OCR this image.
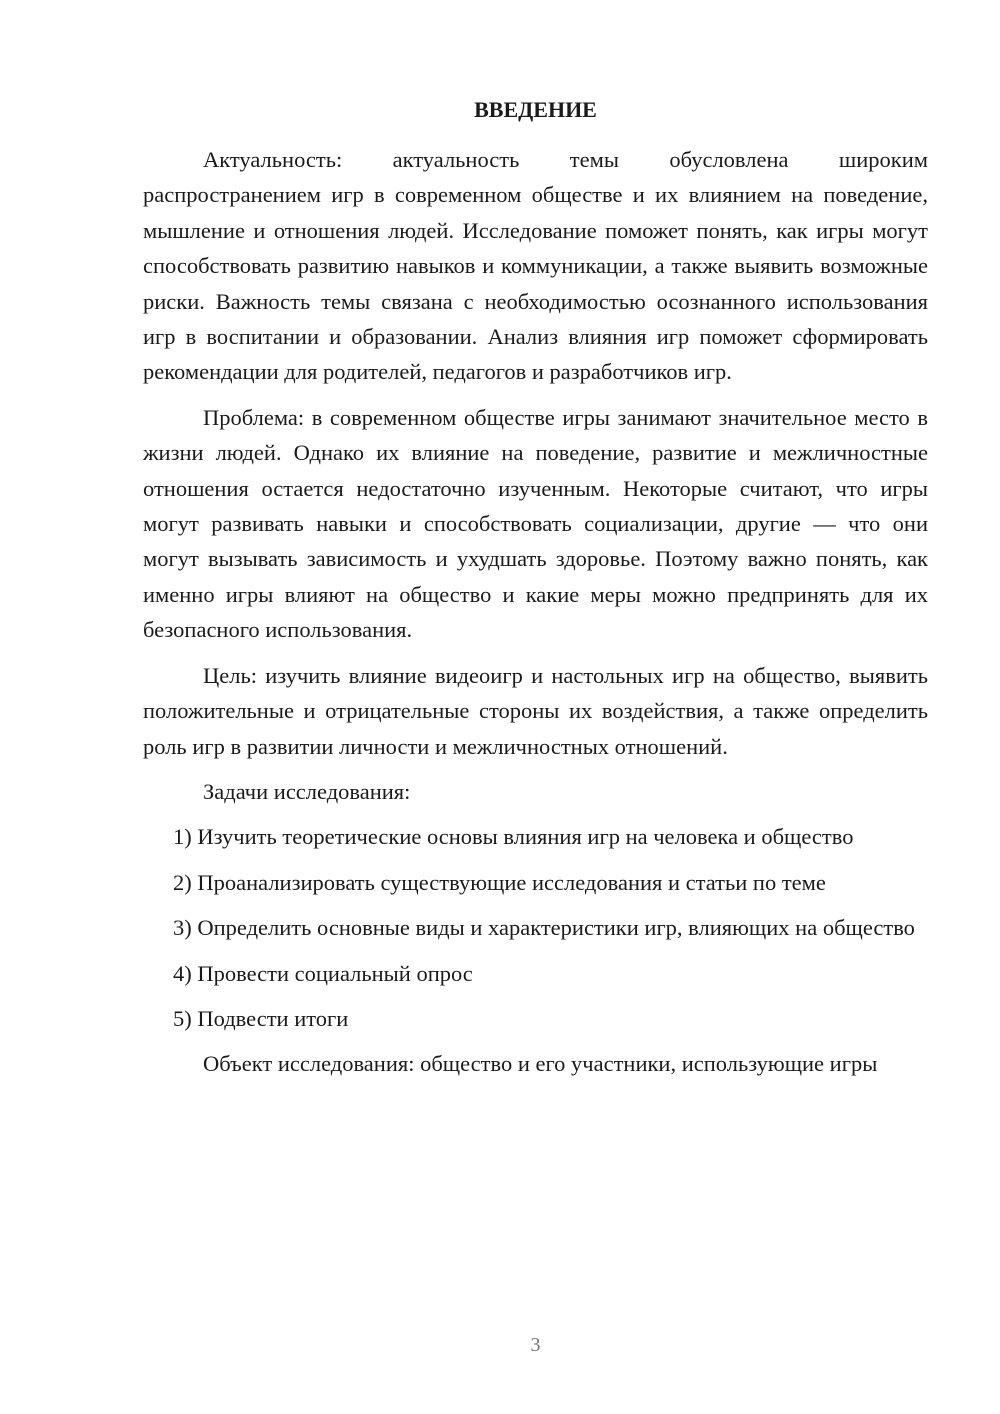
ВВЕДЕНИЕ

Актуальность: актуальность темы обусловлена широким распространением игр в современном обществе и их влиянием на поведение, мышление и отношения людей. Исследование поможет понять, как игры могут способствовать развитию навыков и коммуникации, а также выявить возможные риски. Важность темы связана с необходимостью осознанного использования игр в воспитании и образовании. Анализ влияния игр поможет сформировать рекомендации для родителей, педагогов и разработчиков игр.

Проблема: в современном обществе игры занимают значительное место в жизни людей. Однако их влияние на поведение, развитие и межличностные отношения остается недостаточно изученным. Некоторые считают, что игры могут развивать навыки и способствовать социализации, другие — что они могут вызывать зависимость и ухудшать здоровье. Поэтому важно понять, как именно игры влияют на общество и какие меры можно предпринять для их безопасного использования.

Цель: изучить влияние видеоигр и настольных игр на общество, выявить положительные и отрицательные стороны их воздействия, а также определить роль игр в развитии личности и межличностных отношений.

Задачи исследования:

1) Изучить теоретические основы влияния игр на человека и общество

2) Проанализировать существующие исследования и статьи по теме

3) Определить основные виды и характеристики игр, влияющих на общество

4) Провести социальный опрос

5) Подвести итоги

Объект исследования: общество и его участники, использующие игры

3
